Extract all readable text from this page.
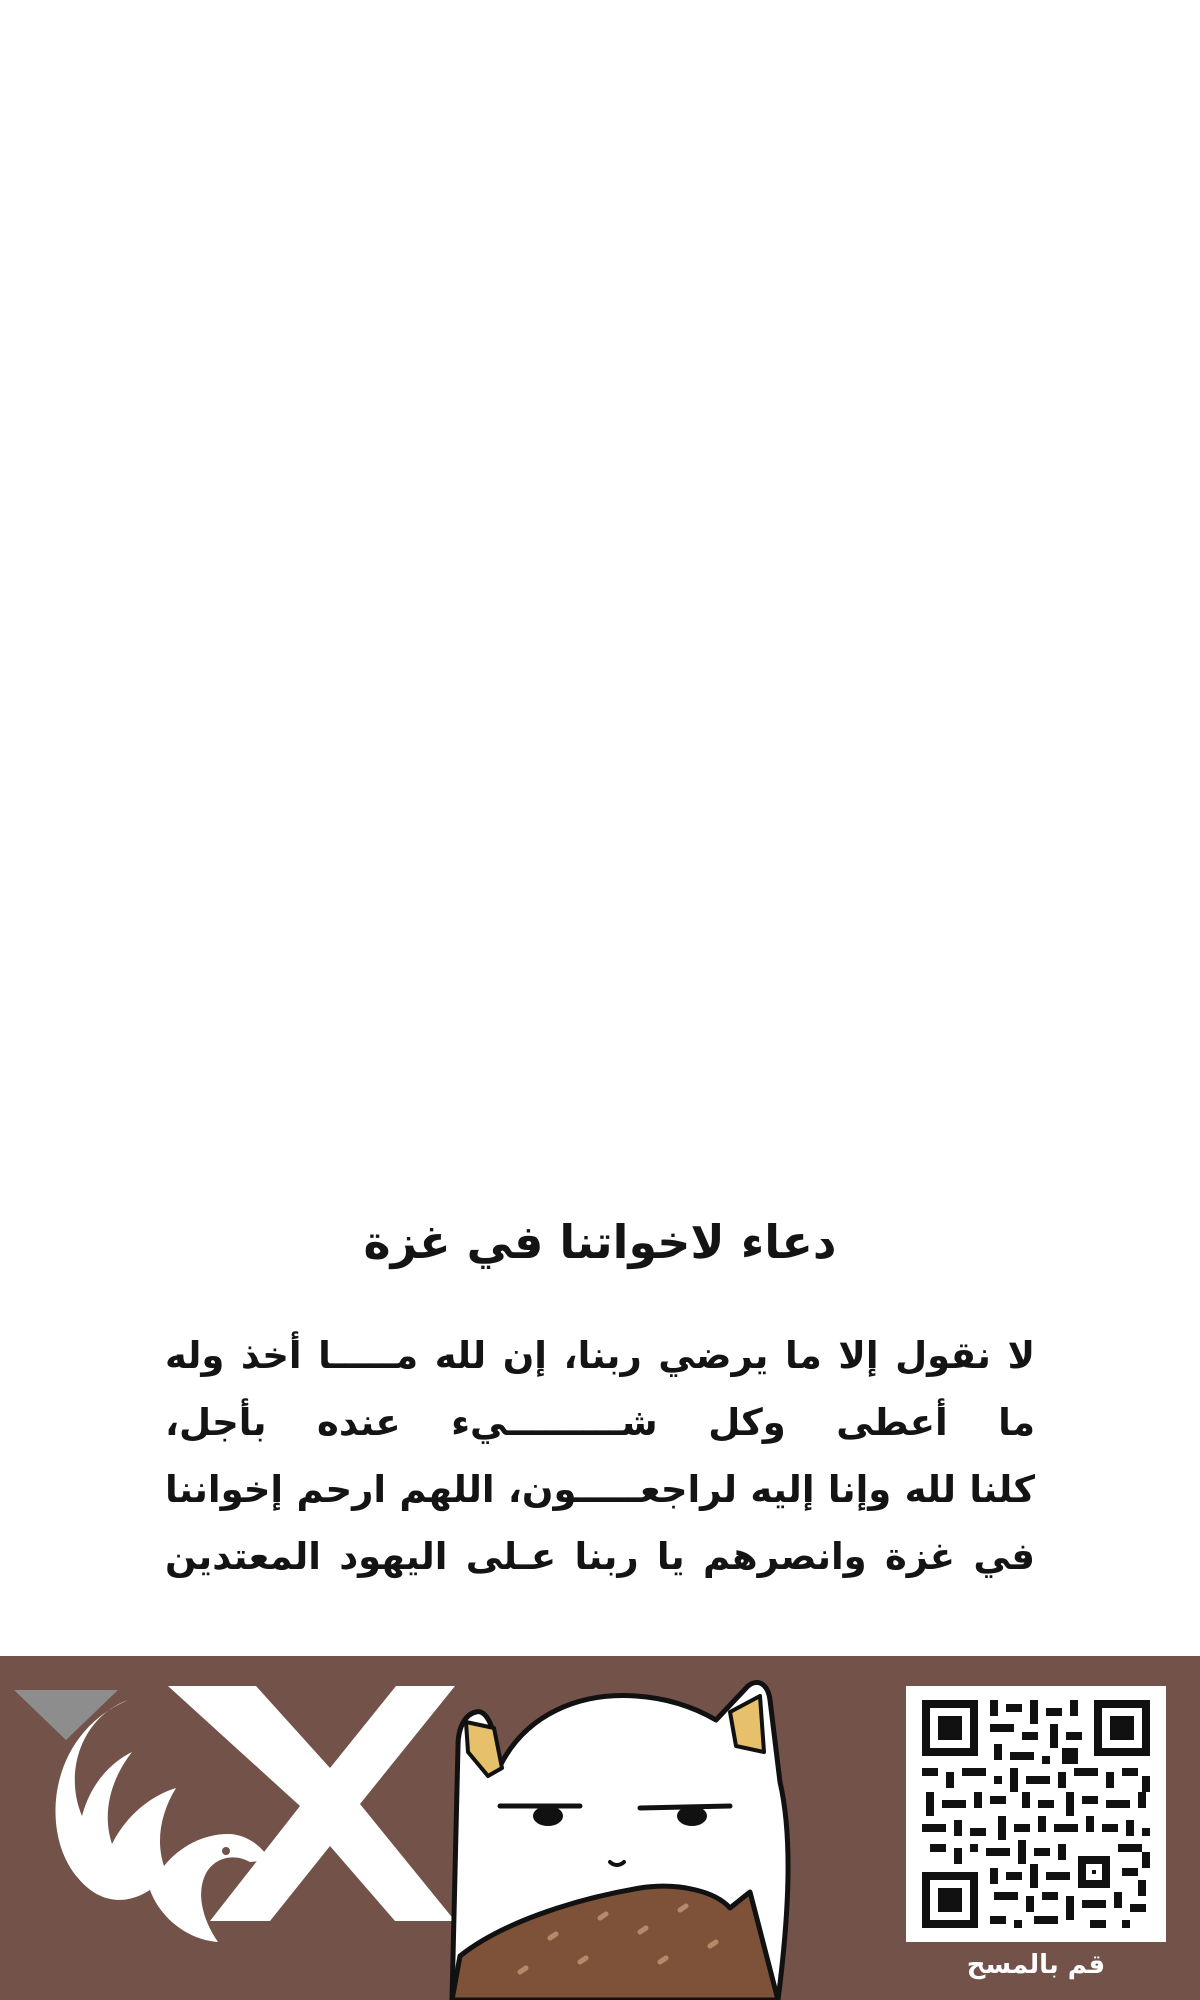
دعاء لاخواتنا في غزة
لا نقول إلا ما يرضي ربنا، إن لله مـــــا أخذ وله
ما أعطى وكل شـــــــــيء عنده بأجل،
كلنا لله وإنا إليه لراجعـــــون، اللهم ارحم إخواننا
في غزة وانصرهم يا ربنا عـلى اليهود المعتدين
قم بالمسح
